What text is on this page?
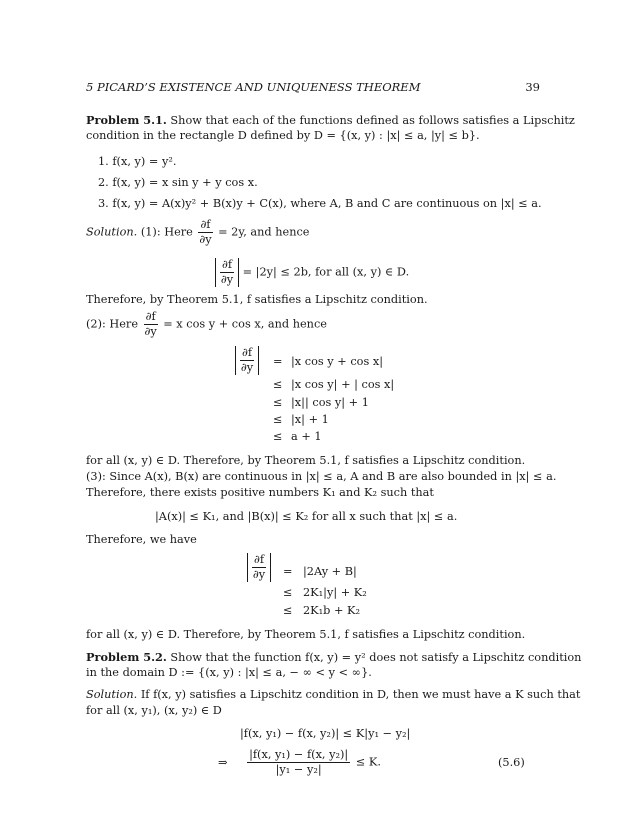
5 PICARD’S EXISTENCE AND UNIQUENESS THEOREM	39
Problem 5.1. Show that each of the functions defined as follows satisfies a Lipschitz
condition in the rectangle D defined by D = {(x, y) : |x| ≤ a, |y| ≤ b}.
1. f(x, y) = y².
2. f(x, y) = x sin y + y cos x.
3. f(x, y) = A(x)y² + B(x)y + C(x), where A, B and C are continuous on |x| ≤ a.
Solution. (1): Here $\frac{\partial f}{\partial y} = 2y$, and hence
$\frac{\partial f}{\partial y} = |2y| \le 2b$, for all (x, y) ∈ D.
Therefore, by Theorem 5.1, f satisfies a Lipschitz condition.
(2): Here $\frac{\partial f}{\partial y} = x$ cos y + cos x, and hence
$\frac{\partial f}{\partial y} = |x$ cos y + cos x|
≤ |x cos y| + | cos x|
≤ |x|| cos y| + 1
≤ |x| + 1
≤ a + 1
for all (x, y) ∈ D. Therefore, by Theorem 5.1, f satisfies a Lipschitz condition.
(3): Since A(x), B(x) are continuous in |x| ≤ a, A and B are also bounded in |x| ≤ a.
Therefore, there exists positive numbers K₁ and K₂ such that
|A(x)| ≤ K₁, and |B(x)| ≤ K₂ for all x such that |x| ≤ a.
Therefore, we have
$\frac{\partial f}{\partial y} = |2Ay + B|$
≤ 2K₁|y| + K₂
≤ 2K₁b + K₂
for all (x, y) ∈ D. Therefore, by Theorem 5.1, f satisfies a Lipschitz condition.
Problem 5.2. Show that the function f(x, y) = y² does not satisfy a Lipschitz condition
in the domain D := {(x, y) : |x| ≤ a, − ∞ < y < ∞}.
Solution. If f(x, y) satisfies a Lipschitz condition in D, then we must have a K such that
for all (x, y₁), (x, y₂) ∈ D
|f(x, y₁) − f(x, y₂)| ≤ K|y₁ − y₂|
⇒ $\frac{\text{|f(x, y₁) − f(x, y₂)|}}{\text{|y₁ − y₂|}} \le K$.	(5.6)
